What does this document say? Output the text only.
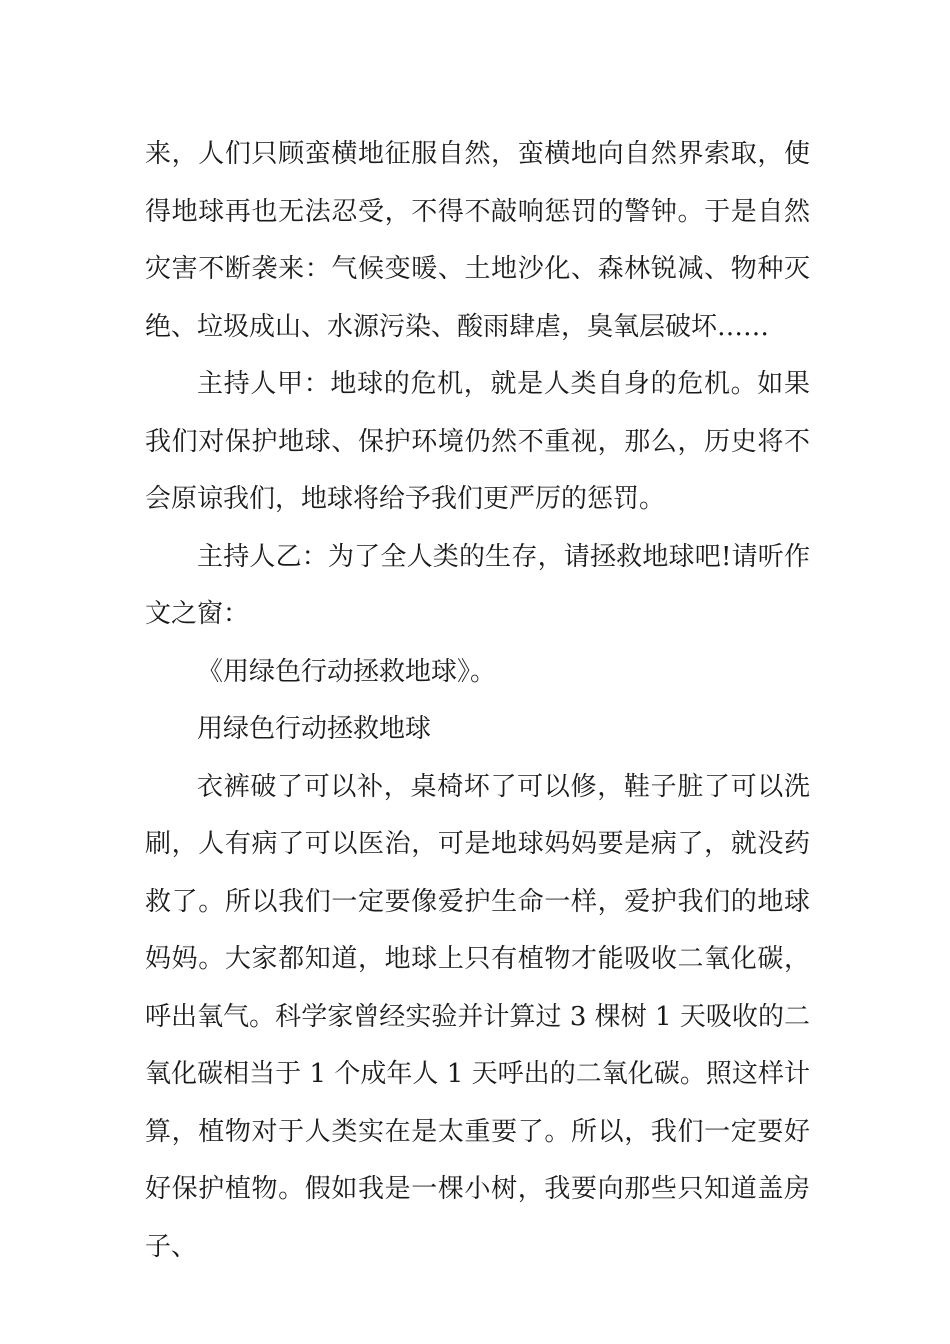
来，人们只顾蛮横地征服自然，蛮横地向自然界索取，使得地球再也无法忍受，不得不敲响惩罚的警钟。于是自然灾害不断袭来：气候变暖、土地沙化、森林锐减、物种灭绝、垃圾成山、水源污染、酸雨肆虐，臭氧层破坏……

主持人甲：地球的危机，就是人类自身的危机。如果我们对保护地球、保护环境仍然不重视，那么，历史将不会原谅我们，地球将给予我们更严厉的惩罚。

主持人乙：为了全人类的生存，请拯救地球吧!请听作文之窗：

《用绿色行动拯救地球》。

用绿色行动拯救地球

衣裤破了可以补，桌椅坏了可以修，鞋子脏了可以洗刷，人有病了可以医治，可是地球妈妈要是病了，就没药救了。所以我们一定要像爱护生命一样，爱护我们的地球妈妈。大家都知道，地球上只有植物才能吸收二氧化碳，呼出氧气。科学家曾经实验并计算过 3 棵树 1 天吸收的二氧化碳相当于 1 个成年人 1 天呼出的二氧化碳。照这样计算，植物对于人类实在是太重要了。所以，我们一定要好好保护植物。假如我是一棵小树，我要向那些只知道盖房子、
